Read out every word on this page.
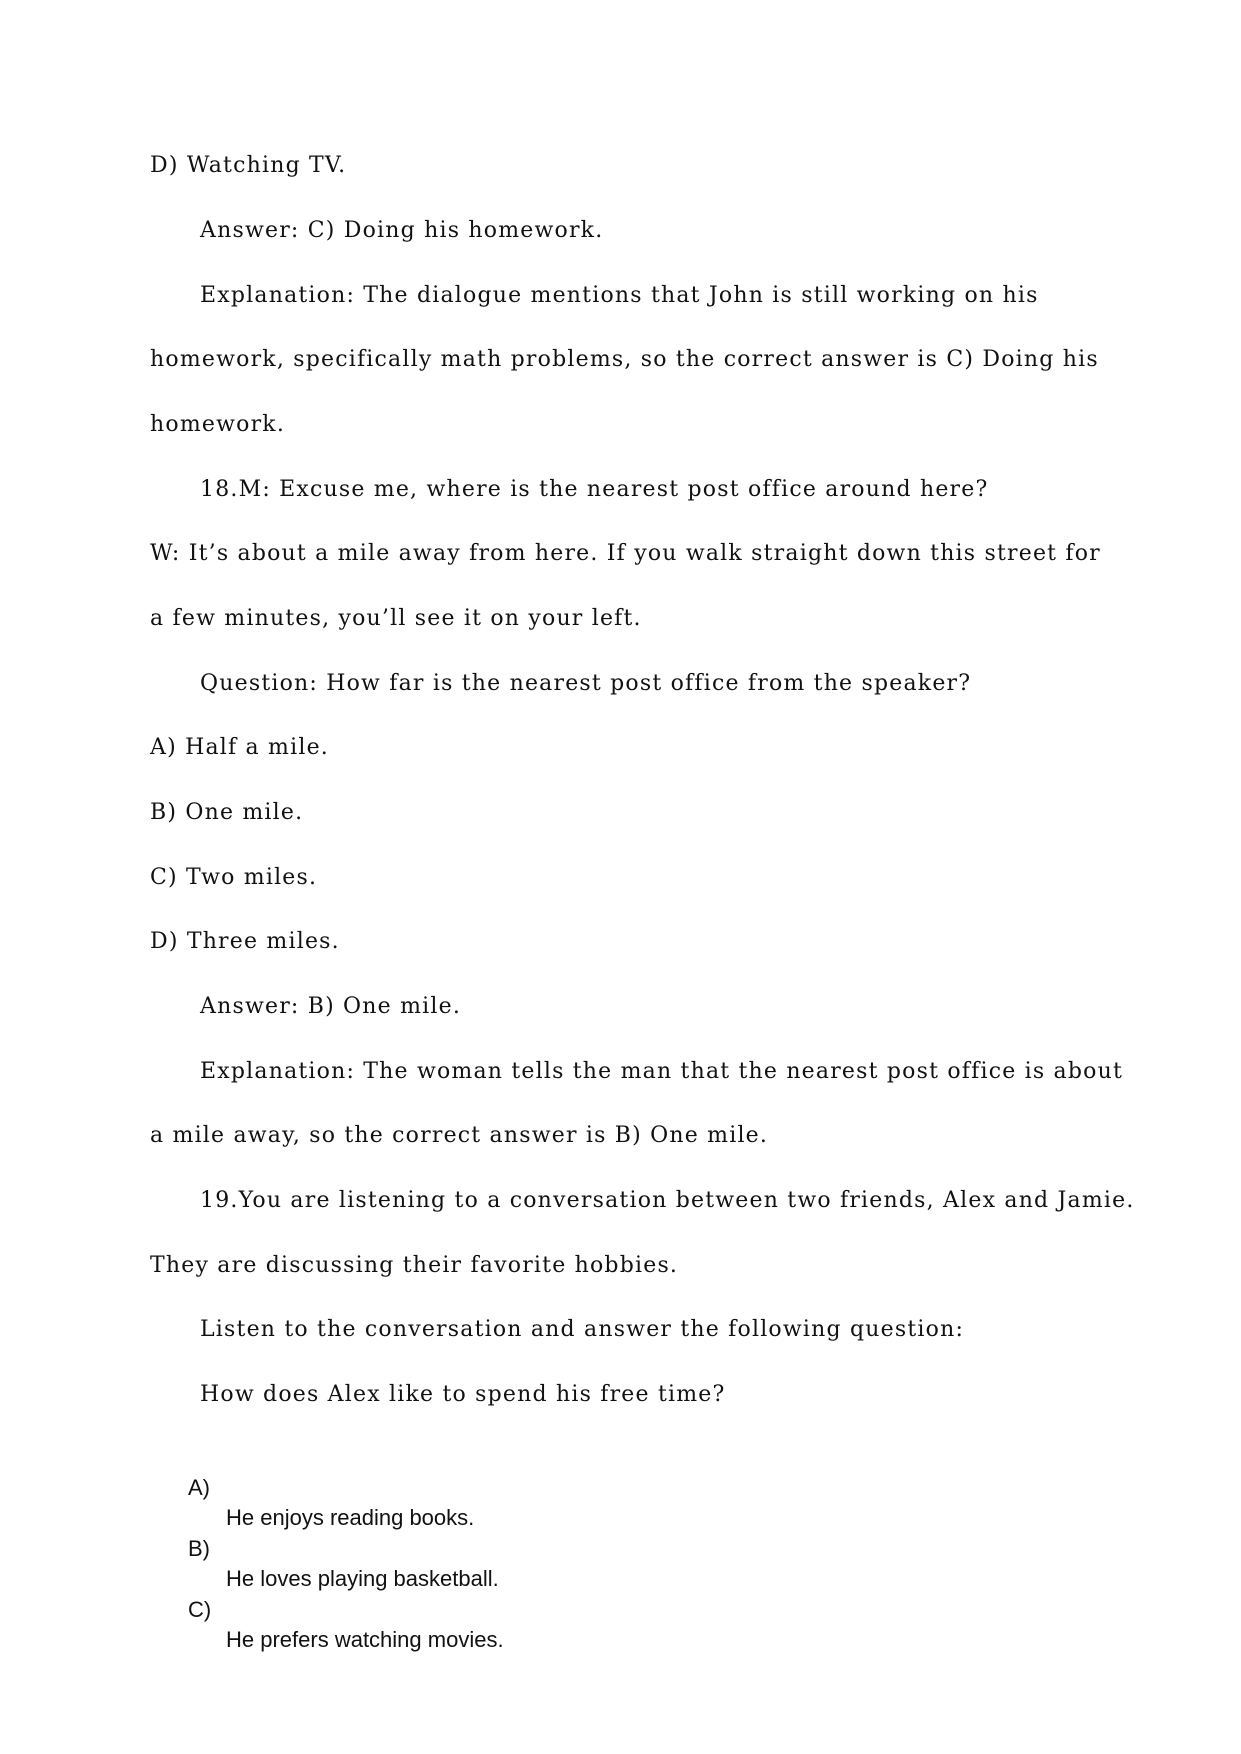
D) Watching TV.
Answer: C) Doing his homework.
Explanation: The dialogue mentions that John is still working on his
homework, specifically math problems, so the correct answer is C) Doing his
homework.
18.M: Excuse me, where is the nearest post office around here?
W: It’s about a mile away from here. If you walk straight down this street for
a few minutes, you’ll see it on your left.
Question: How far is the nearest post office from the speaker?
A) Half a mile.
B) One mile.
C) Two miles.
D) Three miles.
Answer: B) One mile.
Explanation: The woman tells the man that the nearest post office is about
a mile away, so the correct answer is B) One mile.
19.You are listening to a conversation between two friends, Alex and Jamie.
They are discussing their favorite hobbies.
Listen to the conversation and answer the following question:
How does Alex like to spend his free time?

A)

He enjoys reading books.

B)

He loves playing basketball.

C)

He prefers watching movies.
